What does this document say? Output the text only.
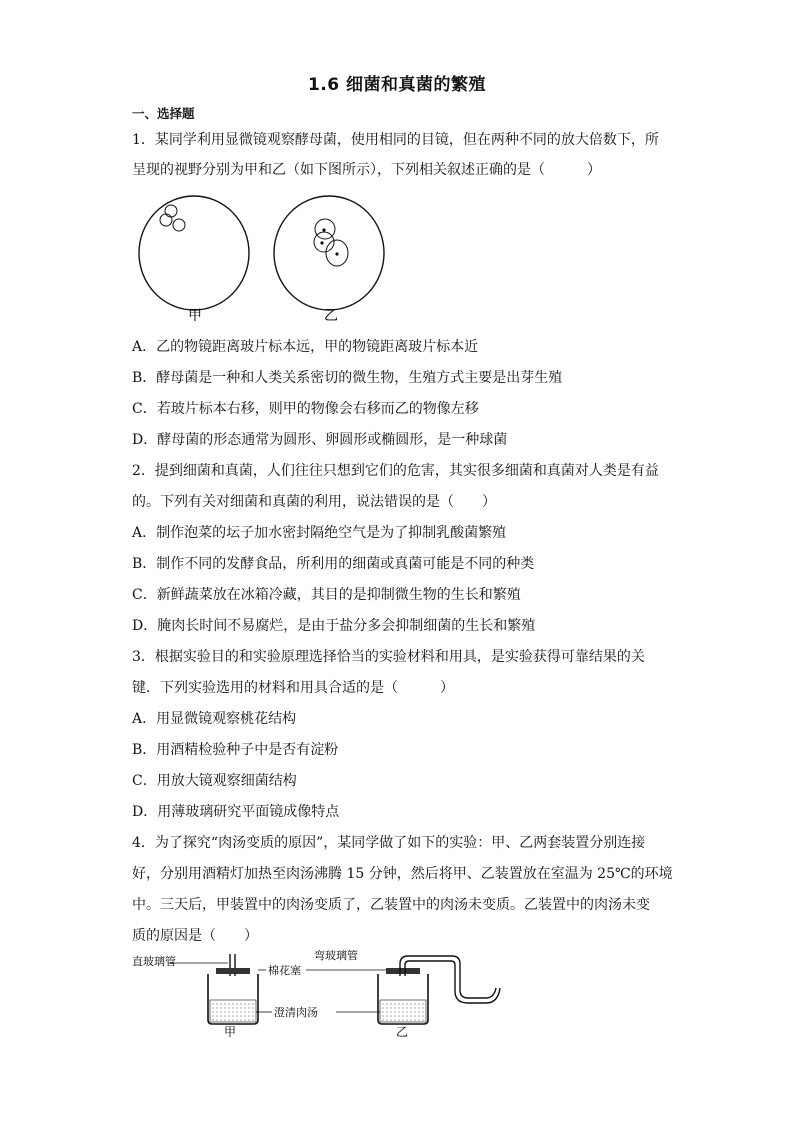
1.6 细菌和真菌的繁殖
一、选择题
1．某同学利用显微镜观察酵母菌，使用相同的目镜，但在两种不同的放大倍数下，所
呈现的视野分别为甲和乙（如下图所示），下列相关叙述正确的是（　　　）
甲	乙
A．乙的物镜距离玻片标本远，甲的物镜距离玻片标本近
B．酵母菌是一种和人类关系密切的微生物，生殖方式主要是出芽生殖
C．若玻片标本右移，则甲的物像会右移而乙的物像左移
D．酵母菌的形态通常为圆形、卵圆形或椭圆形，是一种球菌
2．提到细菌和真菌，人们往往只想到它们的危害，其实很多细菌和真菌对人类是有益
的。下列有关对细菌和真菌的利用，说法错误的是（　　）
A．制作泡菜的坛子加水密封隔绝空气是为了抑制乳酸菌繁殖
B．制作不同的发酵食品，所利用的细菌或真菌可能是不同的种类
C．新鲜蔬菜放在冰箱冷藏，其目的是抑制微生物的生长和繁殖
D．腌肉长时间不易腐烂，是由于盐分多会抑制细菌的生长和繁殖
3．根据实验目的和实验原理选择恰当的实验材料和用具，是实验获得可靠结果的关
键．下列实验选用的材料和用具合适的是（　　　）
A．用显微镜观察桃花结构
B．用酒精检验种子中是否有淀粉
C．用放大镜观察细菌结构
D．用薄玻璃研究平面镜成像特点
4．为了探究“肉汤变质的原因”，某同学做了如下的实验：甲、乙两套装置分别连接
好，分别用酒精灯加热至肉汤沸腾 15 分钟，然后将甲、乙装置放在室温为 25℃的环境
中。三天后，甲装置中的肉汤变质了，乙装置中的肉汤未变质。乙装置中的肉汤未变
质的原因是（　　）
直玻璃管
棉花塞
弯玻璃管
澄清肉汤
甲	乙
